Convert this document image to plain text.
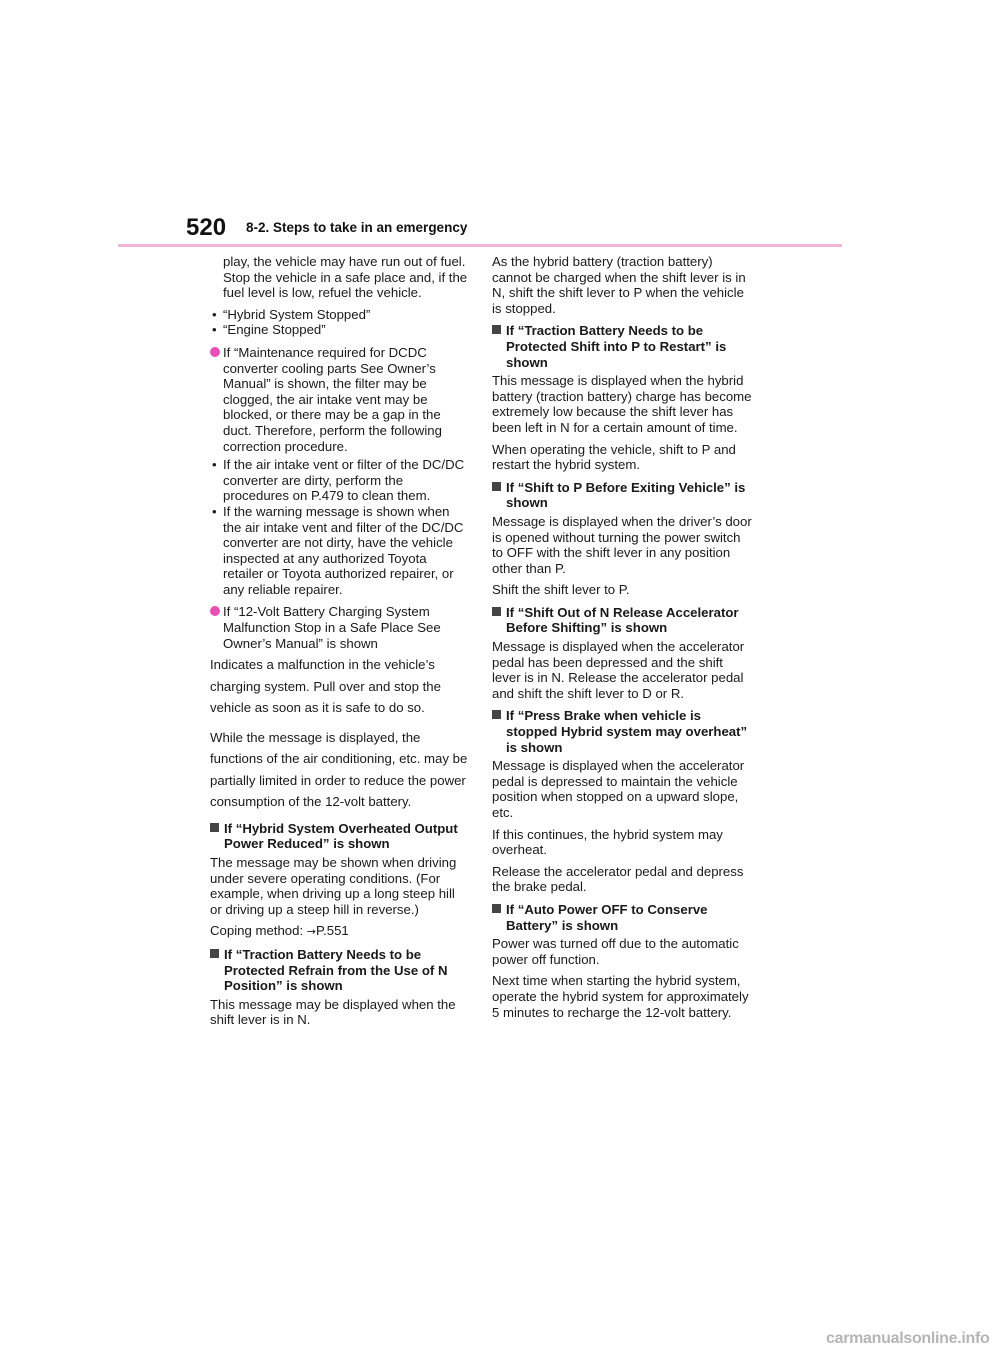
520 8-2. Steps to take in an emergency

play, the vehicle may have run out of fuel. Stop the vehicle in a safe place and, if the fuel level is low, refuel the vehicle.

• “Hybrid System Stopped”
• “Engine Stopped”
If “Maintenance required for DCDC converter cooling parts See Owner’s Manual” is shown, the filter may be clogged, the air intake vent may be blocked, or there may be a gap in the duct. Therefore, perform the following correction procedure.
• If the air intake vent or filter of the DC/DC converter are dirty, perform the procedures on P.479 to clean them.
• If the warning message is shown when the air intake vent and filter of the DC/DC converter are not dirty, have the vehicle inspected at any authorized Toyota retailer or Toyota authorized repairer, or any reliable repairer.
If “12-Volt Battery Charging System Malfunction Stop in a Safe Place See Owner’s Manual” is shown

Indicates a malfunction in the vehicle’s charging system. Pull over and stop the vehicle as soon as it is safe to do so.

While the message is displayed, the functions of the air conditioning, etc. may be partially limited in order to reduce the power consumption of the 12-volt battery.

If “Hybrid System Overheated Output Power Reduced” is shown

The message may be shown when driving under severe operating conditions. (For example, when driving up a long steep hill or driving up a steep hill in reverse.)

Coping method: →P.551

If “Traction Battery Needs to be Protected Refrain from the Use of N Position” is shown

This message may be displayed when the shift lever is in N.

As the hybrid battery (traction battery) cannot be charged when the shift lever is in N, shift the shift lever to P when the vehicle is stopped.

If “Traction Battery Needs to be Protected Shift into P to Restart” is shown

This message is displayed when the hybrid battery (traction battery) charge has become extremely low because the shift lever has been left in N for a certain amount of time.

When operating the vehicle, shift to P and restart the hybrid system.

If “Shift to P Before Exiting Vehicle” is shown

Message is displayed when the driver’s door is opened without turning the power switch to OFF with the shift lever in any position other than P.

Shift the shift lever to P.

If “Shift Out of N Release Accelerator Before Shifting” is shown

Message is displayed when the accelerator pedal has been depressed and the shift lever is in N. Release the accelerator pedal and shift the shift lever to D or R.

If “Press Brake when vehicle is stopped Hybrid system may overheat” is shown

Message is displayed when the accelerator pedal is depressed to maintain the vehicle position when stopped on a upward slope, etc.

If this continues, the hybrid system may overheat.

Release the accelerator pedal and depress the brake pedal.

If “Auto Power OFF to Conserve Battery” is shown

Power was turned off due to the automatic power off function.

Next time when starting the hybrid system, operate the hybrid system for approximately 5 minutes to recharge the 12-volt battery.

carmanualsonline.info
